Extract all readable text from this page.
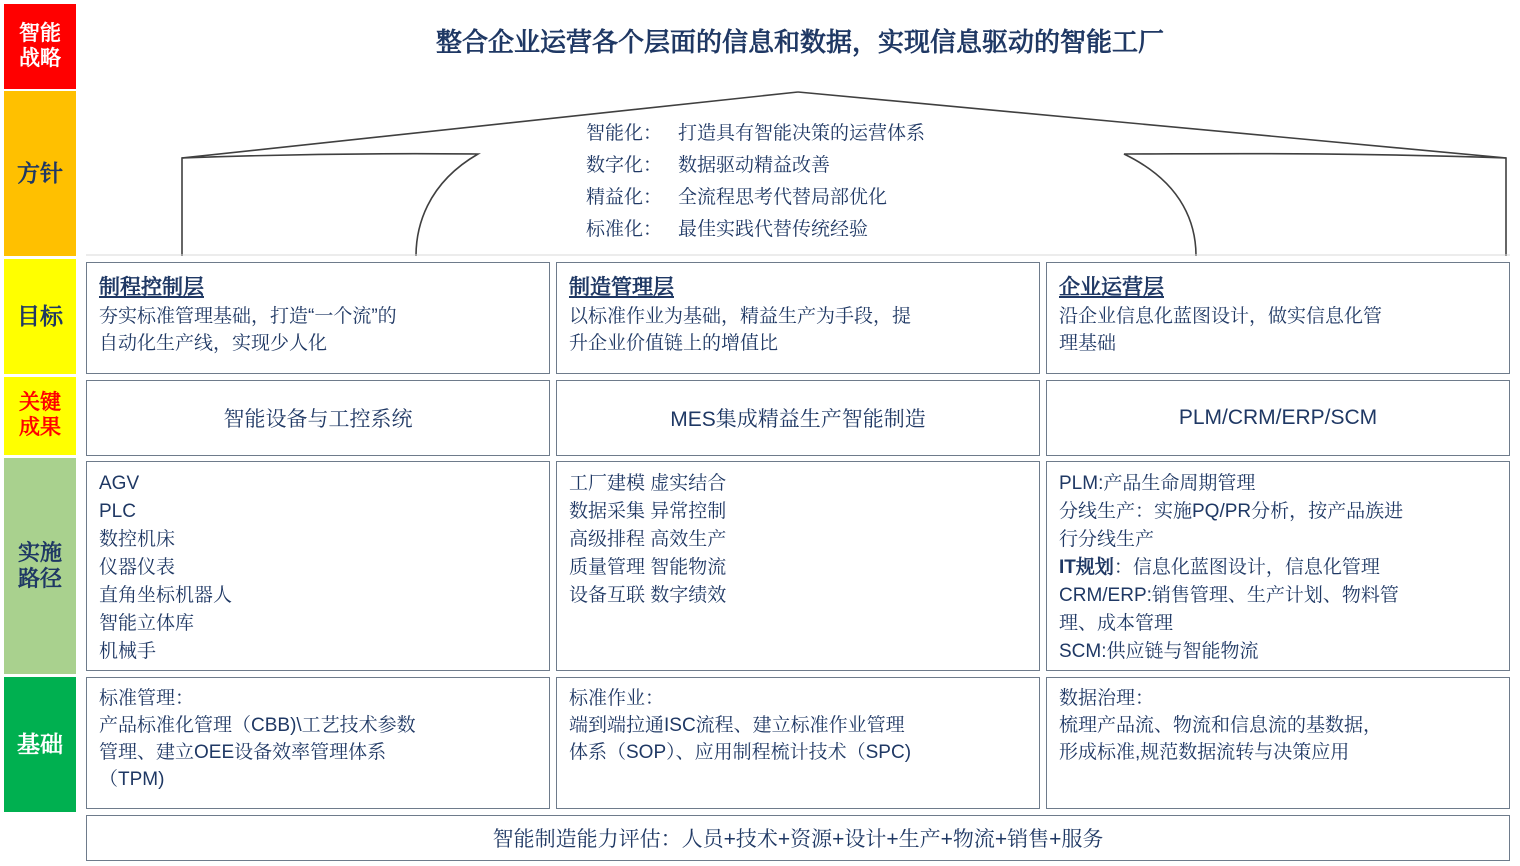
智能
战略
方针
目标
关键
成果
实施
路径
基础
整合企业运营各个层面的信息和数据，实现信息驱动的智能工厂
智能化： 打造具有智能决策的运营体系
数字化： 数据驱动精益改善
精益化： 全流程思考代替局部优化
标准化： 最佳实践代替传统经验
制程控制层
夯实标准管理基础，打造“一个流”的
自动化生产线，实现少人化
制造管理层
以标准作业为基础，精益生产为手段，提
升企业价值链上的增值比
企业运营层
沿企业信息化蓝图设计，做实信息化管
理基础
智能设备与工控系统	MES集成精益生产智能制造	PLM/CRM/ERP/SCM
AGV
PLC
数控机床
仪器仪表
直角坐标机器人
智能立体库
机械手
工厂建模 虚实结合
数据采集 异常控制
高级排程 高效生产
质量管理 智能物流
设备互联 数字绩效
PLM:产品生命周期管理
分线生产：实施PQ/PR分析，按产品族进
行分线生产
IT规划：信息化蓝图设计，信息化管理
CRM/ERP:销售管理、生产计划、物料管
理、成本管理
SCM:供应链与智能物流
标准管理：
产品标准化管理（CBB)\工艺技术参数
管理、建立OEE设备效率管理体系
（TPM)
标准作业：
端到端拉通ISC流程、建立标准作业管理
体系（SOP）、应用制程梳计技术（SPC)
数据治理：
梳理产品流、物流和信息流的基数据，
形成标准,规范数据流转与决策应用
智能制造能力评估：人员+技术+资源+设计+生产+物流+销售+服务
